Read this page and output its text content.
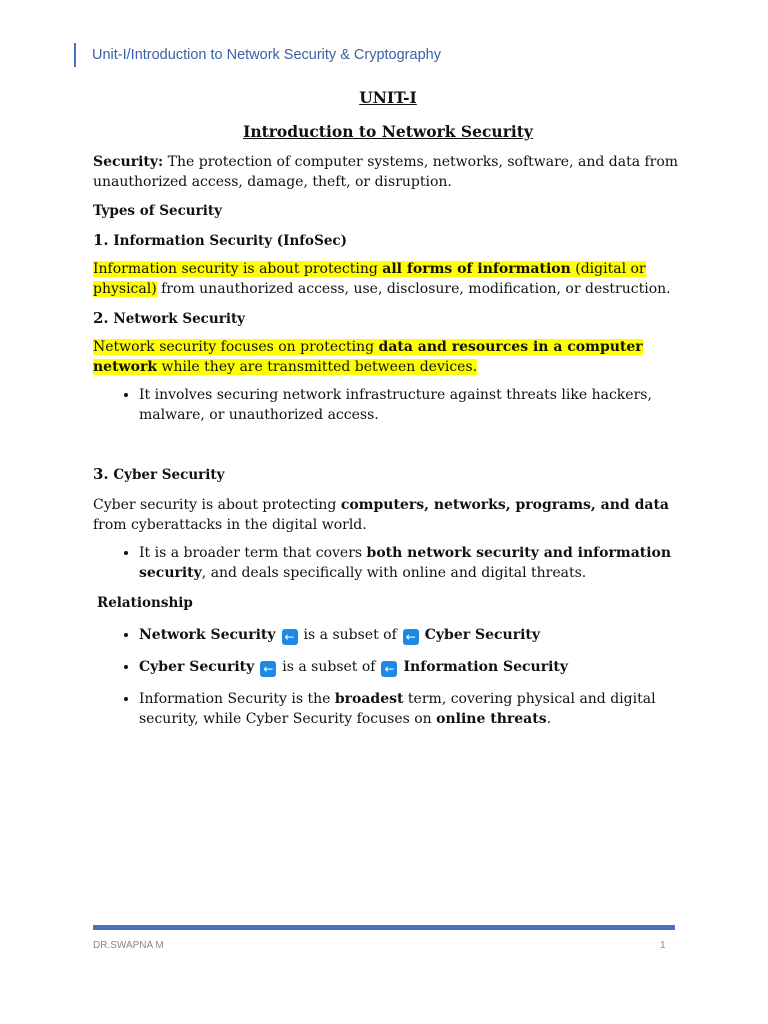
Unit-I/Introduction to Network Security & Cryptography

UNIT-I

Introduction to Network Security

Security: The protection of computer systems, networks, software, and data from unauthorized access, damage, theft, or disruption.

Types of Security

1. Information Security (InfoSec)

Information security is about protecting all forms of information (digital or physical) from unauthorized access, use, disclosure, modification, or destruction.

2. Network Security

Network security focuses on protecting data and resources in a computer network while they are transmitted between devices.

• It involves securing network infrastructure against threats like hackers, malware, or unauthorized access.

3. Cyber Security

Cyber security is about protecting computers, networks, programs, and data from cyberattacks in the digital world.

• It is a broader term that covers both network security and information security, and deals specifically with online and digital threats.

Relationship

• Network Security ← is a subset of ← Cyber Security
• Cyber Security ← is a subset of ← Information Security
• Information Security is the broadest term, covering physical and digital security, while Cyber Security focuses on online threats.
DR.SWAPNA M	1
